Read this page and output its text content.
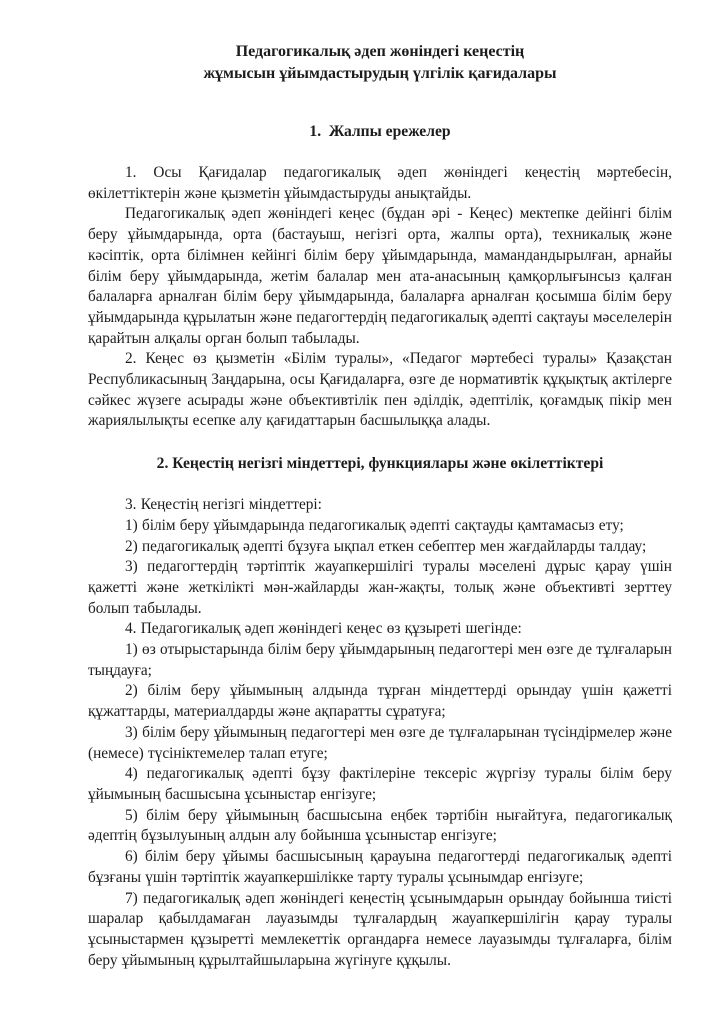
Педагогикалық әдеп жөніндегі кеңестің
жұмысын ұйымдастырудың үлгілік қағидалары
1.  Жалпы ережелер

1. Осы Қағидалар педагогикалық әдеп жөніндегі кеңестің мәртебесін, өкілеттіктерін және қызметін ұйымдастыруды анықтайды.

Педагогикалық әдеп жөніндегі кеңес (бұдан әрі - Кеңес) мектепке дейінгі білім беру ұйымдарында, орта (бастауыш, негізгі орта, жалпы орта), техникалық және кәсіптік, орта білімнен кейінгі білім беру ұйымдарында, мамандандырылған, арнайы білім беру ұйымдарында, жетім балалар мен ата-анасының қамқорлығынсыз қалған балаларға арналған білім беру ұйымдарында, балаларға арналған қосымша білім беру ұйымдарында құрылатын және педагогтердің педагогикалық әдепті сақтауы мәселелерін қарайтын алқалы орган болып табылады.

2. Кеңес өз қызметін «Білім туралы», «Педагог мәртебесі туралы» Қазақстан Республикасының Заңдарына, осы Қағидаларға, өзге де нормативтік құқықтық актілерге сәйкес жүзеге асырады және объективтілік пен әділдік, әдептілік, қоғамдық пікір мен жариялылықты есепке алу қағидаттарын басшылыққа алады.

2. Кеңестің негізгі міндеттері, функциялары және өкілеттіктері

3. Кеңестің негізгі міндеттері:

1) білім беру ұйымдарында педагогикалық әдепті сақтауды қамтамасыз ету;

2) педагогикалық әдепті бұзуға ықпал еткен себептер мен жағдайларды талдау;

3) педагогтердің тәртіптік жауапкершілігі туралы мәселені дұрыс қарау үшін қажетті және жеткілікті мән-жайларды жан-жақты, толық және объективті зерттеу болып табылады.

4. Педагогикалық әдеп жөніндегі кеңес өз құзыреті шегінде:

1) өз отырыстарында білім беру ұйымдарының педагогтері мен өзге де тұлғаларын тыңдауға;

2) білім беру ұйымының алдында тұрған міндеттерді орындау үшін қажетті құжаттарды, материалдарды және ақпаратты сұратуға;

3) білім беру ұйымының педагогтері мен өзге де тұлғаларынан түсіндірмелер және (немесе) түсініктемелер талап етуге;

4) педагогикалық әдепті бұзу фактілеріне тексеріс жүргізу туралы білім беру ұйымының басшысына ұсыныстар енгізуге;

5) білім беру ұйымының басшысына еңбек тәртібін нығайтуға, педагогикалық әдептің бұзылуының алдын алу бойынша ұсыныстар енгізуге;

6) білім беру ұйымы басшысының қарауына педагогтерді педагогикалық әдепті бұзғаны үшін тәртіптік жауапкершілікке тарту туралы ұсынымдар енгізуге;

7) педагогикалық әдеп жөніндегі кеңестің ұсынымдарын орындау бойынша тиісті шаралар қабылдамаған лауазымды тұлғалардың жауапкершілігін қарау туралы ұсыныстармен құзыретті мемлекеттік органдарға немесе лауазымды тұлғаларға, білім беру ұйымының құрылтайшыларына жүгінуге құқылы.
